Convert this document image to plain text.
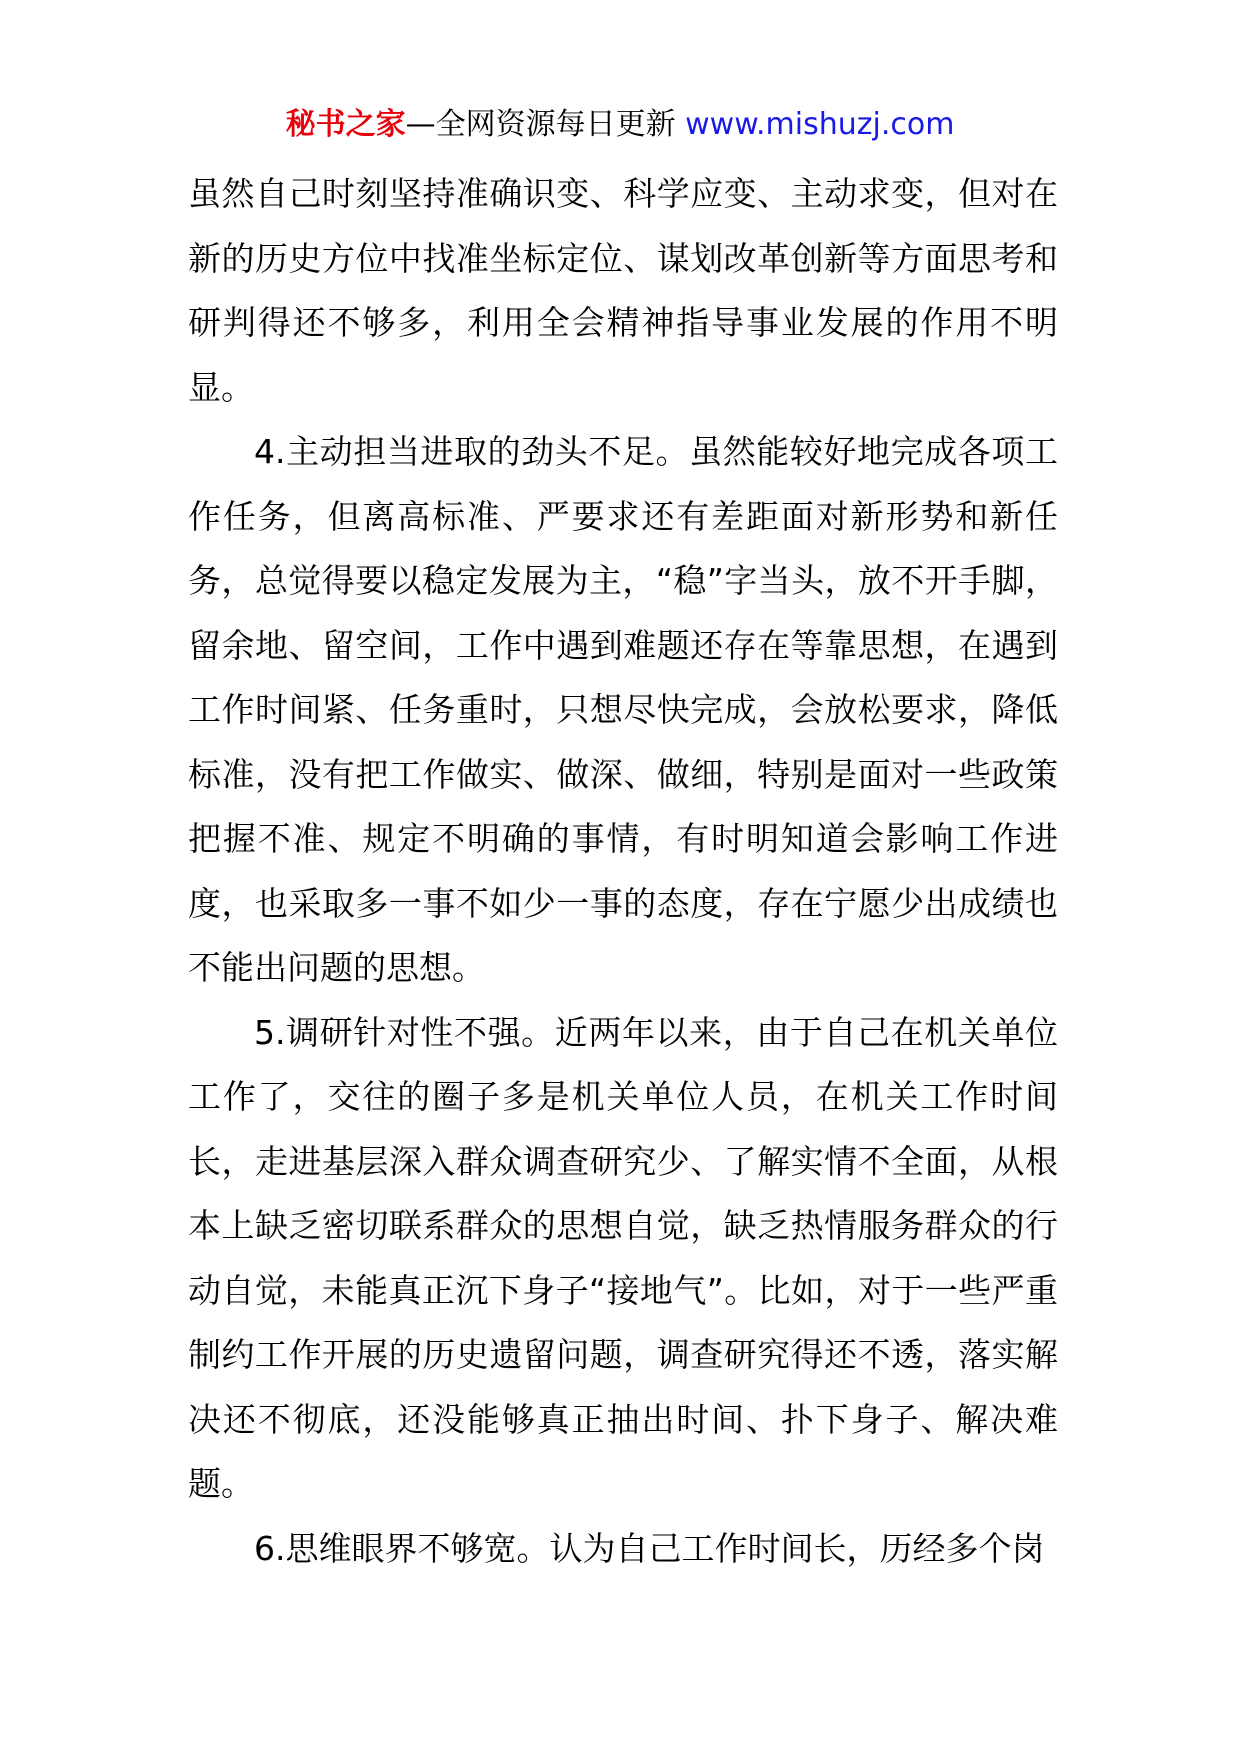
秘书之家—全网资源每日更新 www.mishuzj.com

虽然自己时刻坚持准确识变、科学应变、主动求变，但对在新的历史方位中找准坐标定位、谋划改革创新等方面思考和研判得还不够多，利用全会精神指导事业发展的作用不明显。

4.主动担当进取的劲头不足。虽然能较好地完成各项工作任务，但离高标准、严要求还有差距面对新形势和新任务，总觉得要以稳定发展为主，“稳”字当头，放不开手脚，留余地、留空间，工作中遇到难题还存在等靠思想，在遇到工作时间紧、任务重时，只想尽快完成，会放松要求，降低标准，没有把工作做实、做深、做细，特别是面对一些政策把握不准、规定不明确的事情，有时明知道会影响工作进度，也采取多一事不如少一事的态度，存在宁愿少出成绩也不能出问题的思想。

5.调研针对性不强。近两年以来，由于自己在机关单位工作了，交往的圈子多是机关单位人员，在机关工作时间长，走进基层深入群众调查研究少、了解实情不全面，从根本上缺乏密切联系群众的思想自觉，缺乏热情服务群众的行动自觉，未能真正沉下身子“接地气”。比如，对于一些严重制约工作开展的历史遗留问题，调查研究得还不透，落实解决还不彻底，还没能够真正抽出时间、扑下身子、解决难题。

6.思维眼界不够宽。认为自己工作时间长，历经多个岗
